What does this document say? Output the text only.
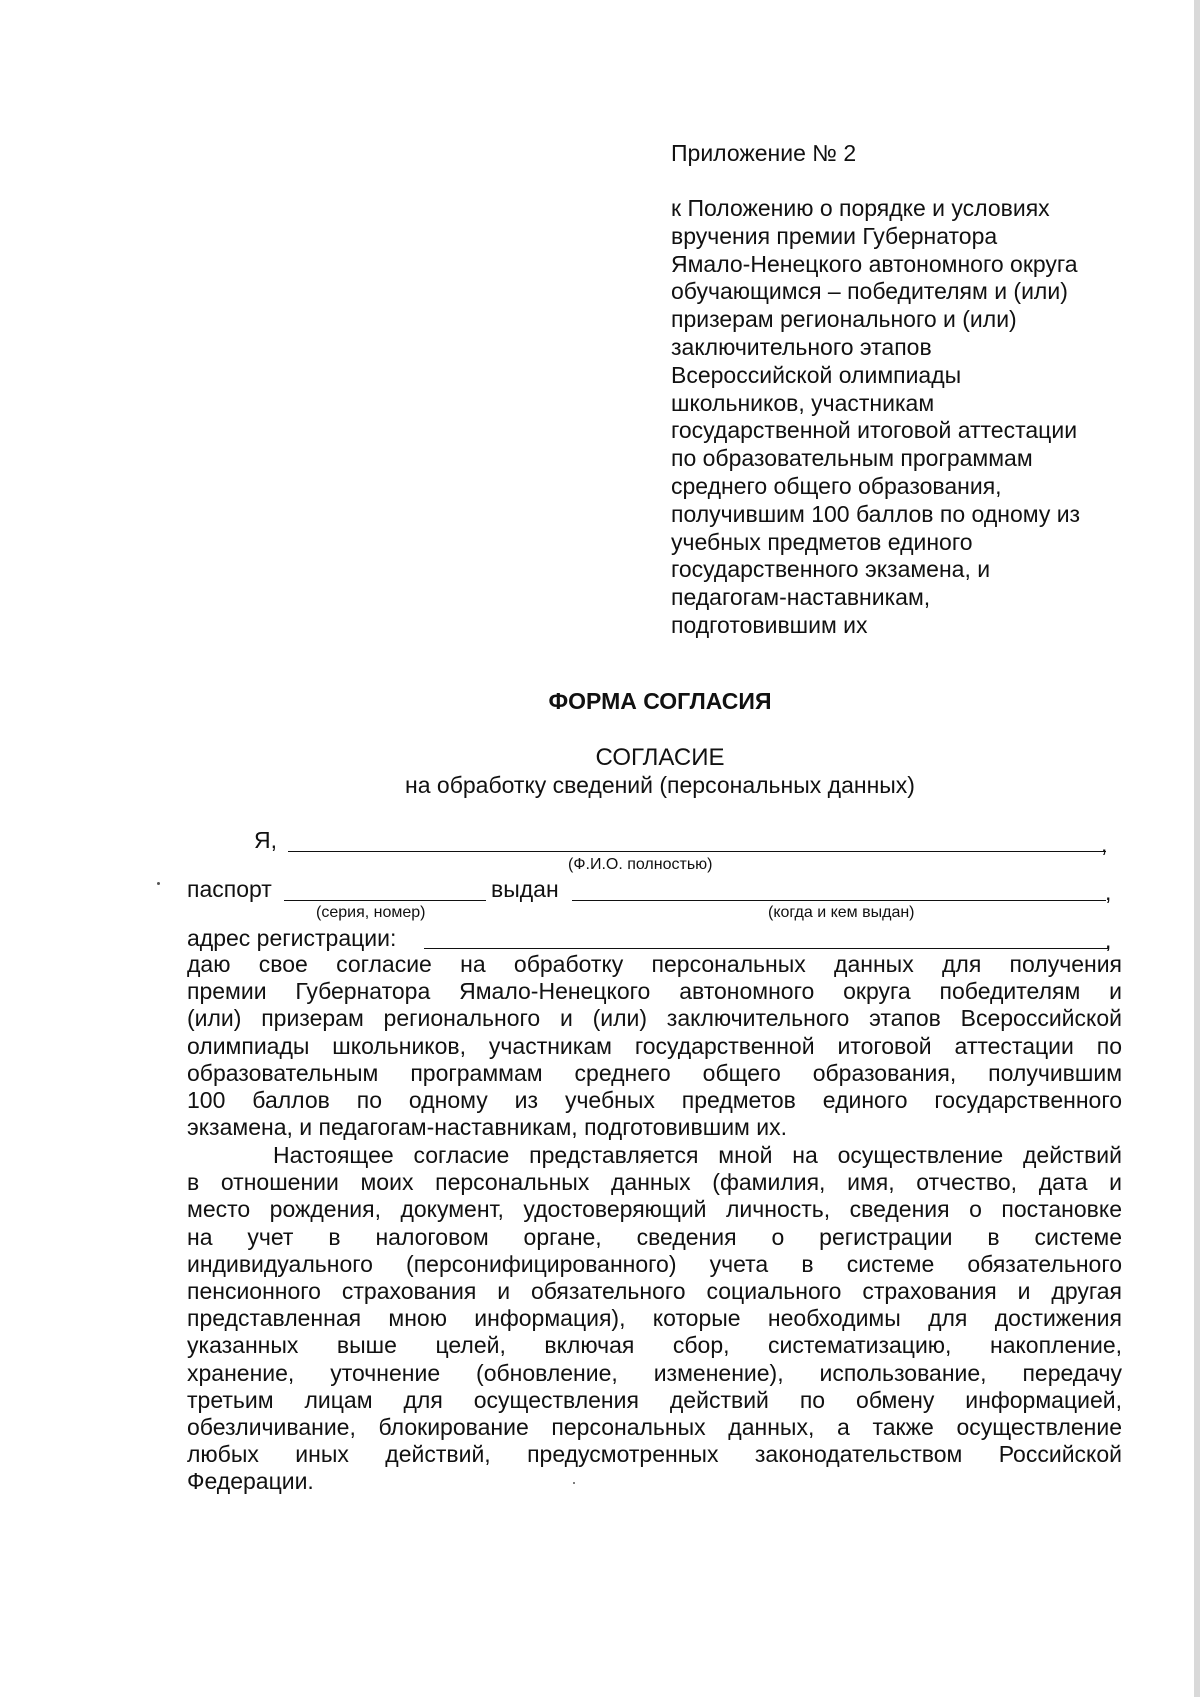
Приложение № 2
к Положению о порядке и условиях
вручения премии Губернатора
Ямало-Ненецкого автономного округа
обучающимся – победителям и (или)
призерам регионального и (или)
заключительного этапов
Всероссийской олимпиады
школьников, участникам
государственной итоговой аттестации
по образовательным программам
среднего общего образования,
получившим 100 баллов по одному из
учебных предметов единого
государственного экзамена, и
педагогам-наставникам,
подготовившим их
ФОРМА СОГЛАСИЯ
СОГЛАСИЕ
на обработку сведений (персональных данных)
Я,	,
(Ф.И.О. полностью)
паспорт	выдан	,
(серия, номер)	(когда и кем выдан)
адрес регистрации:	,
даю свое согласие на обработку персональных данных для получения
премии Губернатора Ямало-Ненецкого автономного округа победителям и
(или) призерам регионального и (или) заключительного этапов Всероссийской
олимпиады школьников, участникам государственной итоговой аттестации по
образовательным программам среднего общего образования, получившим
100 баллов по одному из учебных предметов единого государственного
экзамена, и педагогам-наставникам, подготовившим их.
Настоящее согласие представляется мной на осуществление действий
в отношении моих персональных данных (фамилия, имя, отчество, дата и
место рождения, документ, удостоверяющий личность, сведения о постановке
на учет в налоговом органе, сведения о регистрации в системе
индивидуального (персонифицированного) учета в системе обязательного
пенсионного страхования и обязательного социального страхования и другая
представленная мною информация), которые необходимы для достижения
указанных выше целей, включая сбор, систематизацию, накопление,
хранение, уточнение (обновление, изменение), использование, передачу
третьим лицам для осуществления действий по обмену информацией,
обезличивание, блокирование персональных данных, а также осуществление
любых иных действий, предусмотренных законодательством Российской
Федерации.
